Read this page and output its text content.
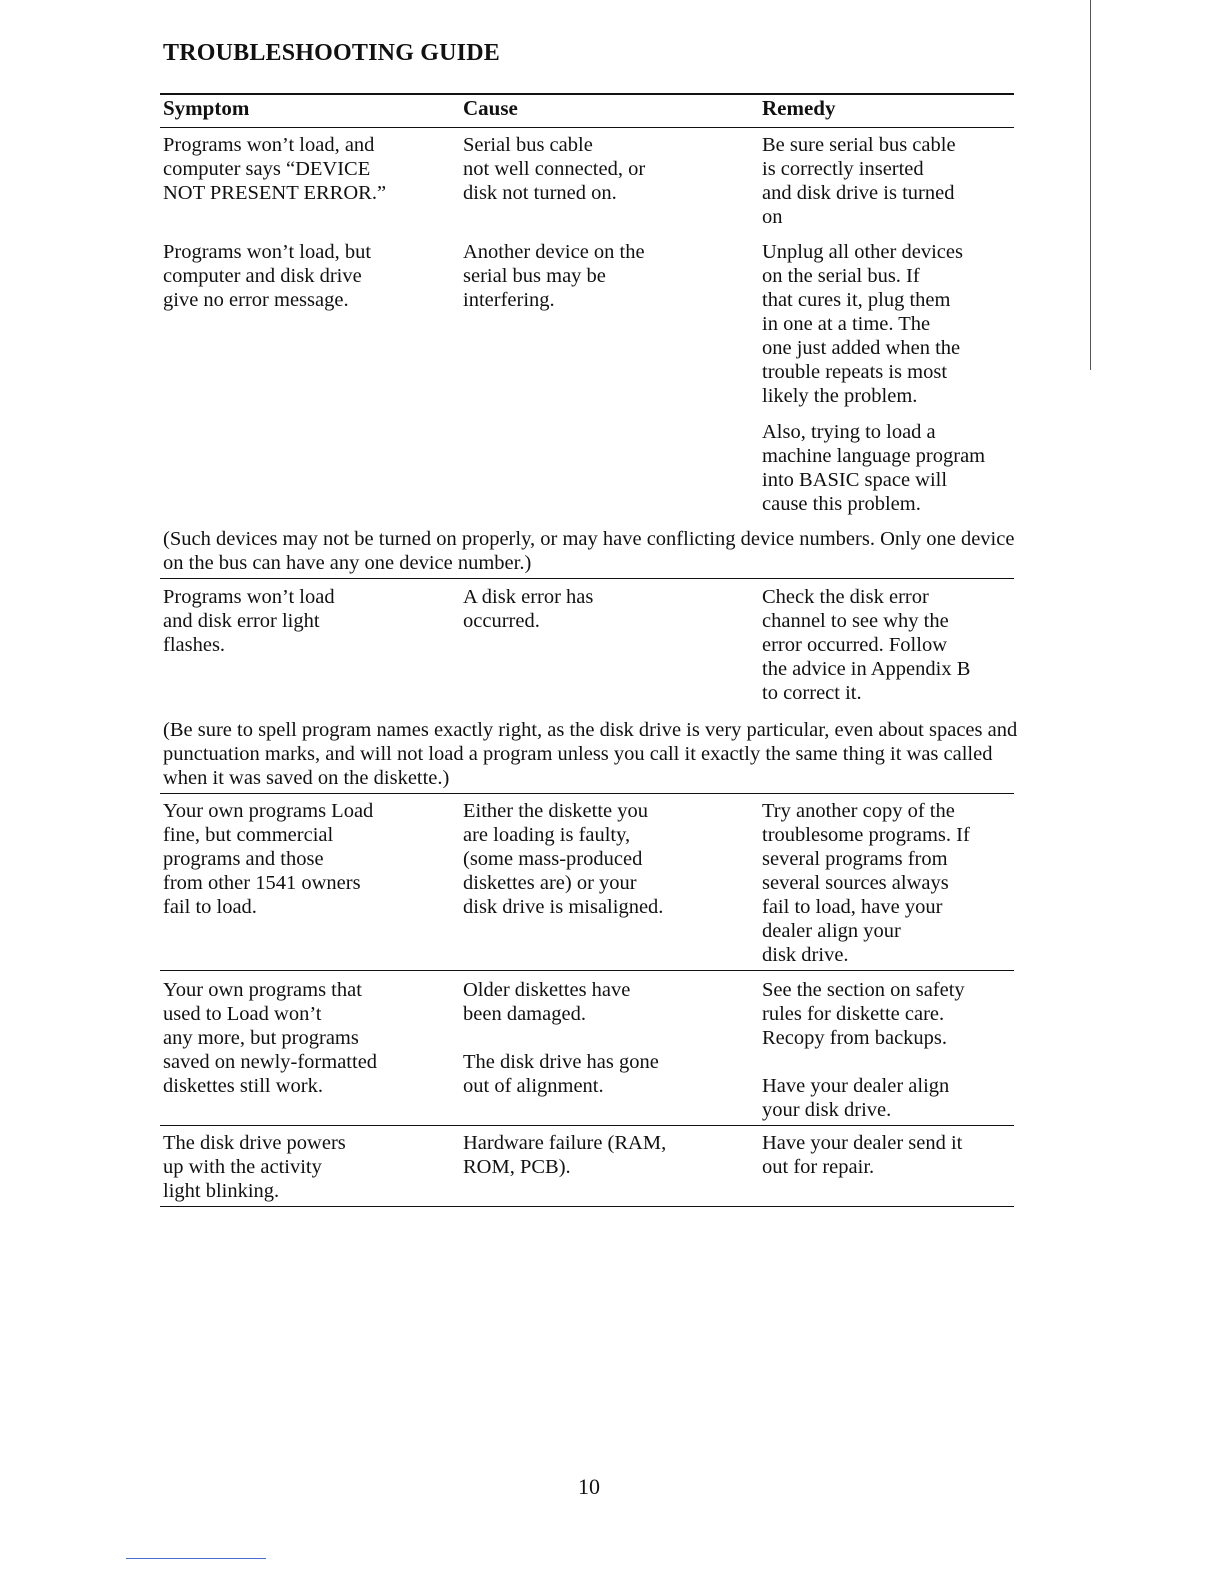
TROUBLESHOOTING GUIDE
Symptom	Cause	Remedy
Programs won’t load, and
computer says “DEVICE
NOT PRESENT ERROR.”
Serial bus cable
not well connected, or
disk not turned on.
Be sure serial bus cable
is correctly inserted
and disk drive is turned
on
Programs won’t load, but
computer and disk drive
give no error message.
Another device on the
serial bus may be
interfering.
Unplug all other devices
on the serial bus. If
that cures it, plug them
in one at a time. The
one just added when the
trouble repeats is most
likely the problem.
Also, trying to load a
machine language program
into BASIC space will
cause this problem.
(Such devices may not be turned on properly, or may have conflicting device numbers. Only one device on the bus can have any one device number.)
Programs won’t load
and disk error light
flashes.
A disk error has
occurred.
Check the disk error
channel to see why the
error occurred. Follow
the advice in Appendix B
to correct it.
(Be sure to spell program names exactly right, as the disk drive is very particular, even about spaces and punctuation marks, and will not load a program unless you call it exactly the same thing it was called when it was saved on the diskette.)
Your own programs Load
fine, but commercial
programs and those
from other 1541 owners
fail to load.
Either the diskette you
are loading is faulty,
(some mass-produced
diskettes are) or your
disk drive is misaligned.
Try another copy of the
troublesome programs. If
several programs from
several sources always
fail to load, have your
dealer align your
disk drive.
Your own programs that
used to Load won’t
any more, but programs
saved on newly-formatted
diskettes still work.
Older diskettes have
been damaged.
The disk drive has gone
out of alignment.
See the section on safety
rules for diskette care.
Recopy from backups.
Have your dealer align
your disk drive.
The disk drive powers
up with the activity
light blinking.
Hardware failure (RAM,
ROM, PCB).
Have your dealer send it
out for repair.
10
